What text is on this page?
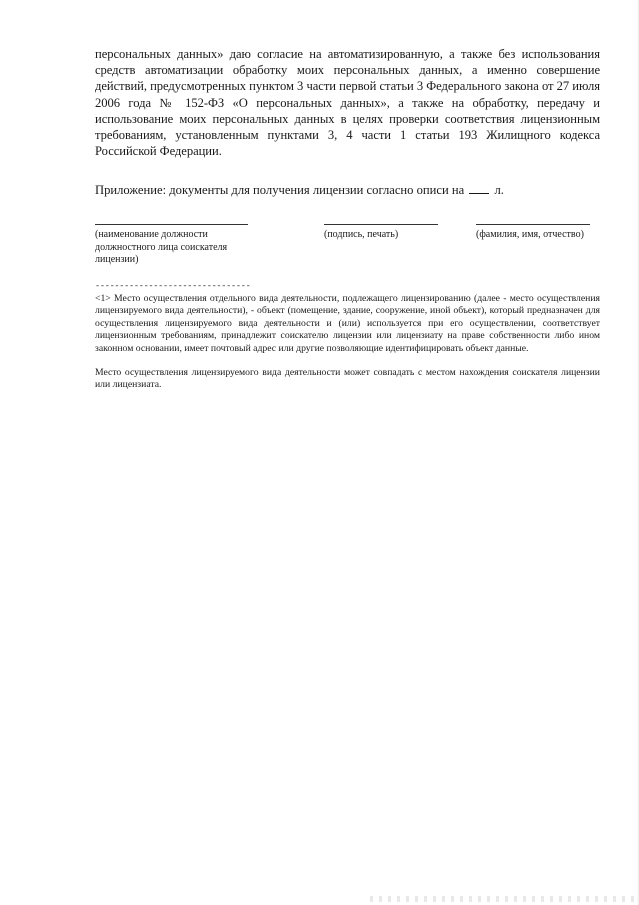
персональных данных» даю согласие на автоматизированную, а также без использования средств автоматизации обработку моих персональных данных, а именно совершение действий, предусмотренных пунктом 3 части первой статьи 3 Федерального закона от 27 июля 2006 года № 152-ФЗ «О персональных данных», а также на обработку, передачу и использование моих персональных данных в целях проверки соответствия лицензионным требованиям, установленным пунктами 3, 4 части 1 статьи 193 Жилищного кодекса Российской Федерации.

Приложение: документы для получения лицензии согласно описи на л.

(наименование должности должностного лица соискателя лицензии)

(подпись, печать)	(фамилия, имя, отчество)

--------------------------------

<1> Место осуществления отдельного вида деятельности, подлежащего лицензированию (далее - место осуществления лицензируемого вида деятельности), - объект (помещение, здание, сооружение, иной объект), который предназначен для осуществления лицензируемого вида деятельности и (или) используется при его осуществлении, соответствует лицензионным требованиям, принадлежит соискателю лицензии или лицензиату на праве собственности либо ином законном основании, имеет почтовый адрес или другие позволяющие идентифицировать объект данные.

Место осуществления лицензируемого вида деятельности может совпадать с местом нахождения соискателя лицензии или лицензиата.
